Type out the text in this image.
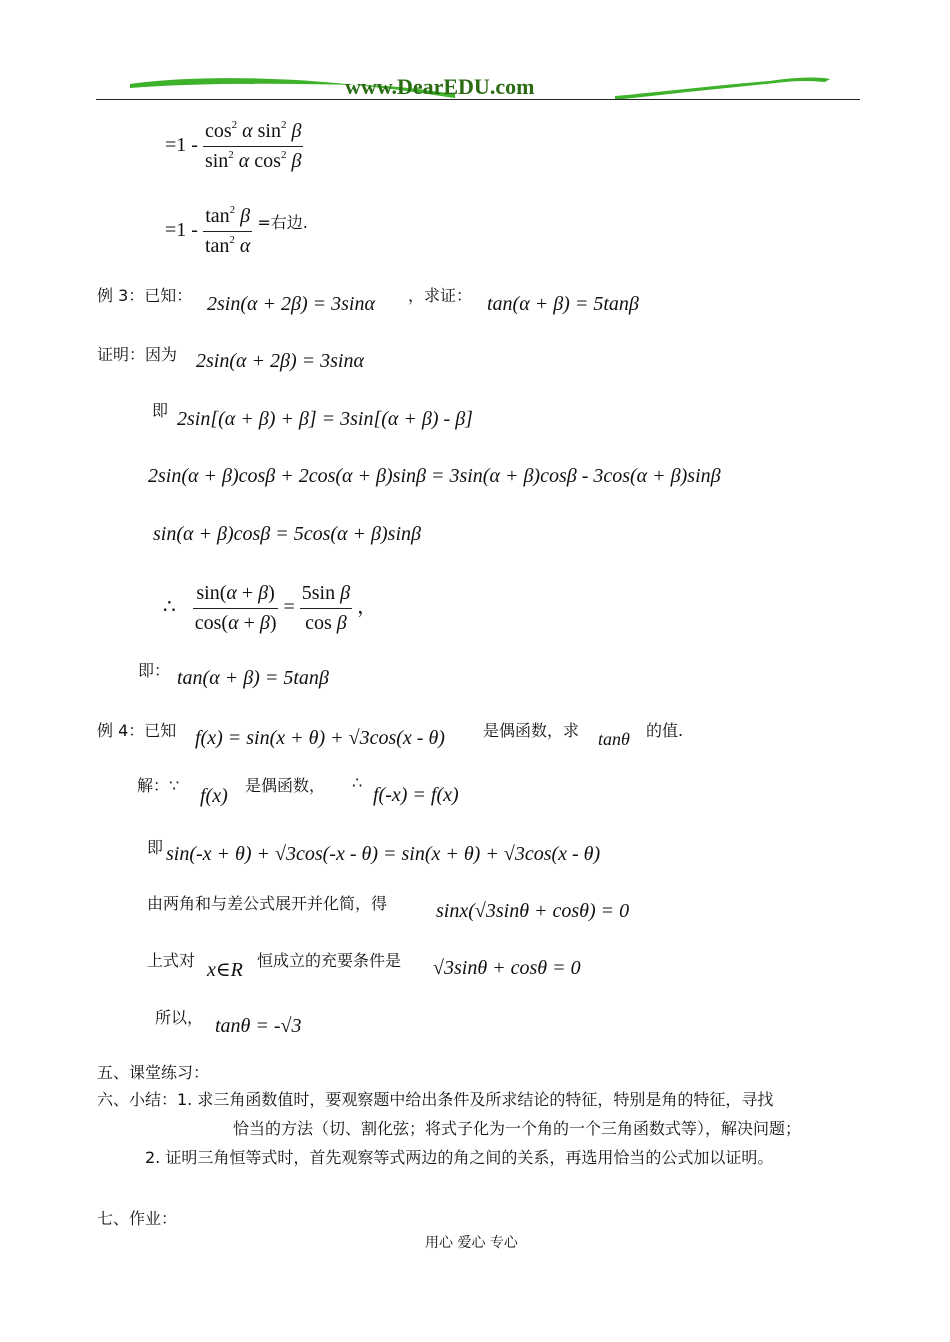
www.DearEDU.com
$=1 - \frac{\cos^2 \alpha \sin^2 \beta}{\sin^2 \alpha \cos^2 \beta}$
$=1 - \frac{\tan^2 \beta}{\tan^2 \alpha} ^{=右边.}$
例 3：已知： 2sin(α + 2β) = 3sinα ，求证： tan(α + β) = 5tanβ
证明：因为 2sin(α + 2β) = 3sinα
即 2sin[(α + β) + β] = 3sin[(α + β) - β]
2sin(α + β)cosβ + 2cos(α + β)sinβ = 3sin(α + β)cosβ - 3cos(α + β)sinβ
sin(α + β)cosβ = 5cos(α + β)sinβ
∴ $\frac{\sin(\alpha + \beta)}{\cos(\alpha + \beta)} = \frac{\text{5sin β}}{\text{cos β}}$ ，
即： tan(α + β) = 5tanβ
例 4：已知 f(x) = sin(x + θ) + √3cos(x - θ) 是偶函数，求 tanθ 的值.
解：∵ f(x) 是偶函数， ∴
f(-x) = f(x)
即 sin(-x + θ) + √3cos(-x - θ) = sin(x + θ) + √3cos(x - θ)
由两角和与差公式展开并化简，得 sinx(√3sinθ + cosθ) = 0
上式对 x∈R 恒成立的充要条件是 √3sinθ + cosθ = 0
所以， tanθ = -√3
五、课堂练习：
六、小结：1. 求三角函数值时，要观察题中给出条件及所求结论的特征，特别是角的特征，寻找
恰当的方法（切、割化弦；将式子化为一个角的一个三角函数式等），解决问题；
2. 证明三角恒等式时，首先观察等式两边的角之间的关系，再选用恰当的公式加以证明。
七、作业：
用心 爱心 专心
